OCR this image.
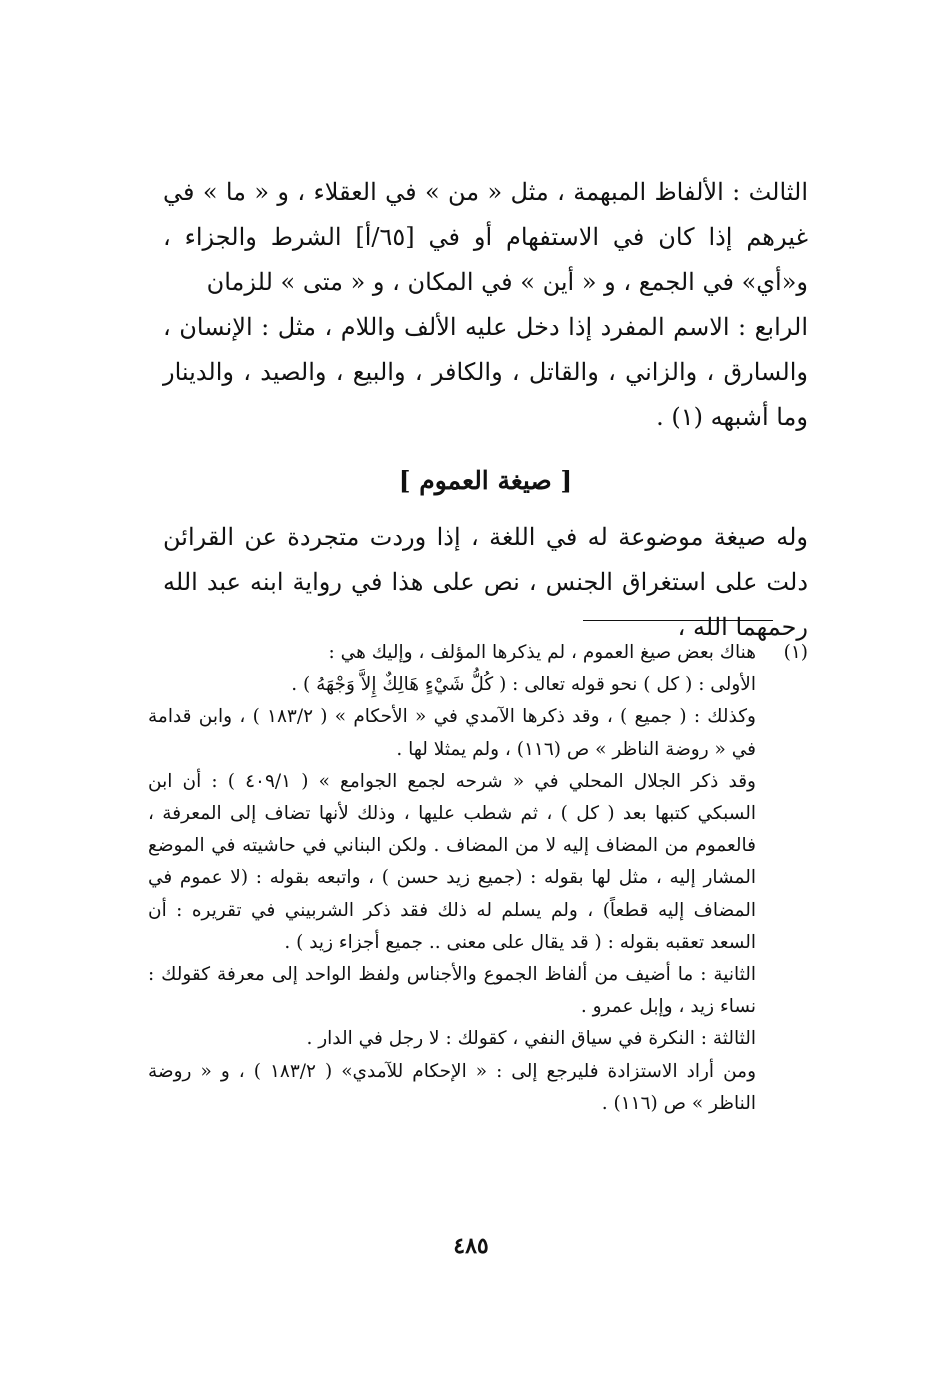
الثالث : الألفاظ المبهمة ، مثل « من » في العقلاء ، و « ما » في غيرهم إذا كان في الاستفهام أو في [٦٥/أ] الشرط والجزاء ، و«أي» في الجمع ، و « أين » في المكان ، و « متى » للزمان

الرابع : الاسم المفرد إذا دخل عليه الألف واللام ، مثل : الإنسان ، والسارق ، والزاني ، والقاتل ، والكافر ، والبيع ، والصيد ، والدينار وما أشبهه (١) .

[ صيغة العموم ]

وله صيغة موضوعة له في اللغة ، إذا وردت متجردة عن القرائن دلت على استغراق الجنس ، نص على هذا في رواية ابنه عبد الله رحمهما الله ،

(١)

هناك بعض صيغ العموم ، لم يذكرها المؤلف ، وإليك هي :

الأولى : ( كل ) نحو قوله تعالى : ( كُلُّ شَيْءٍ هَالِكٌ إِلاَّ وَجْهَهُ ) .

وكذلك : ( جميع ) ، وقد ذكرها الآمدي في « الأحكام » ( ١٨٣/٢ ) ، وابن قدامة في « روضة الناظر » ص (١١٦) ، ولم يمثلا لها .

وقد ذكر الجلال المحلي في « شرحه لجمع الجوامع » ( ٤٠٩/١ ) : أن ابن السبكي كتبها بعد ( كل ) ، ثم شطب عليها ، وذلك لأنها تضاف إلى المعرفة ، فالعموم من المضاف إليه لا من المضاف . ولكن البناني في حاشيته في الموضع المشار إليه ، مثل لها بقوله : (جميع زيد حسن ) ، واتبعه بقوله : (لا عموم في المضاف إليه قطعاً) ، ولم يسلم له ذلك فقد ذكر الشربيني في تقريره : أن السعد تعقبه بقوله : ( قد يقال على معنى .. جميع أجزاء زيد ) .

الثانية : ما أضيف من ألفاظ الجموع والأجناس ولفظ الواحد إلى معرفة كقولك : نساء زيد ، وإبل عمرو .

الثالثة : النكرة في سياق النفي ، كقولك : لا رجل في الدار .

ومن أراد الاستزادة فليرجع إلى : « الإحكام للآمدي» ( ١٨٣/٢ ) ، و « روضة الناظر » ص (١١٦) .

٤٨٥
